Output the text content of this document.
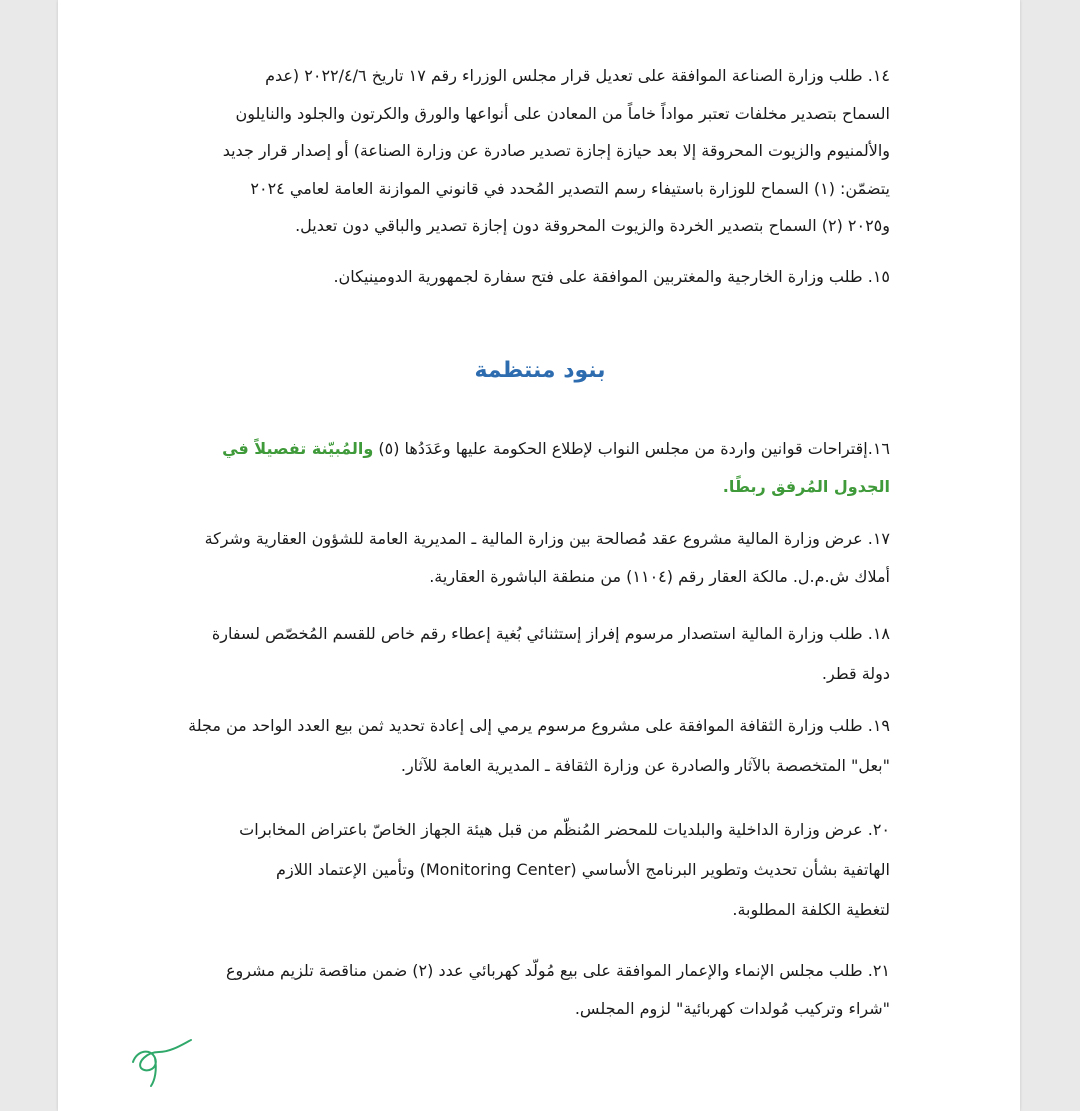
١٤. طلب وزارة الصناعة الموافقة على تعديل قرار مجلس الوزراء رقم ١٧ تاريخ ٢٠٢٢/٤/٦ (عدم
السماح بتصدير مخلفات تعتبر مواداً خاماً من المعادن على أنواعها والورق والكرتون والجلود والنايلون
والألمنيوم والزيوت المحروقة إلا بعد حيازة إجازة تصدير صادرة عن وزارة الصناعة) أو إصدار قرار جديد
يتضمّن: (١) السماح للوزارة باستيفاء رسم التصدير المُحدد في قانوني الموازنة العامة لعامي ٢٠٢٤
و٢٠٢٥ (٢) السماح بتصدير الخردة والزيوت المحروقة دون إجازة تصدير والباقي دون تعديل.
١٥. طلب وزارة الخارجية والمغتربين الموافقة على فتح سفارة لجمهورية الدومينيكان.
بنود منتظمة
١٦.إقتراحات قوانين واردة من مجلس النواب لإطلاع الحكومة عليها وعَدَدُها (٥) والمُبيّنة تفصيلاً في
الجدول المُرفق ربطًا.
١٧. عرض وزارة المالية مشروع عقد مُصالحة بين وزارة المالية ـ المديرية العامة للشؤون العقارية وشركة
أملاك ش.م.ل. مالكة العقار رقم (١١٠٤) من منطقة الباشورة العقارية.
١٨. طلب وزارة المالية استصدار مرسوم إفراز إستثنائي بُغية إعطاء رقم خاص للقسم المُخصّص لسفارة
دولة قطر.
١٩. طلب وزارة الثقافة الموافقة على مشروع مرسوم يرمي إلى إعادة تحديد ثمن بيع العدد الواحد من مجلة
"بعل" المتخصصة بالآثار والصادرة عن وزارة الثقافة ـ المديرية العامة للآثار.
٢٠. عرض وزارة الداخلية والبلديات للمحضر المُنظّم من قبل هيئة الجهاز الخاصّ باعتراض المخابرات
الهاتفية بشأن تحديث وتطوير البرنامج الأساسي (Monitoring Center) وتأمين الإعتماد اللازم
لتغطية الكلفة المطلوبة.
٢١. طلب مجلس الإنماء والإعمار الموافقة على بيع مُولّد كهربائي عدد (٢) ضمن مناقصة تلزيم مشروع
"شراء وتركيب مُولدات كهربائية" لزوم المجلس.
